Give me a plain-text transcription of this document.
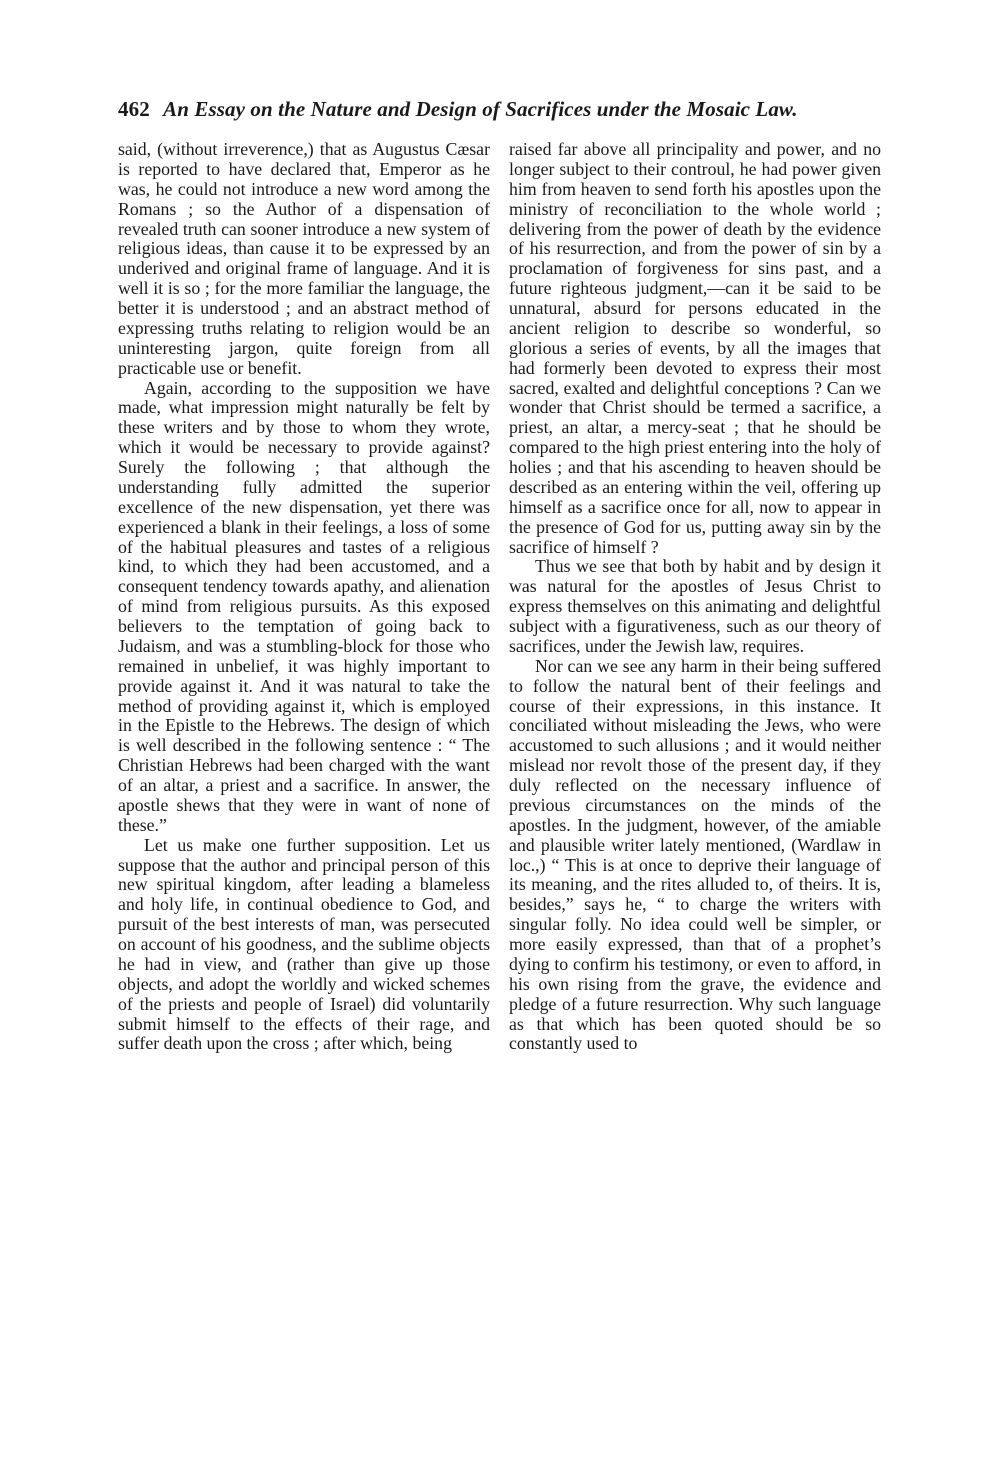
462 An Essay on the Nature and Design of Sacrifices under the Mosaic Law.

said, (without irreverence,) that as Augustus Cæsar is reported to have declared that, Emperor as he was, he could not introduce a new word among the Romans ; so the Author of a dispensation of revealed truth can sooner introduce a new system of religious ideas, than cause it to be expressed by an underived and original frame of language. And it is well it is so ; for the more familiar the language, the better it is understood ; and an abstract method of expressing truths relating to religion would be an uninteresting jargon, quite foreign from all practicable use or benefit.

Again, according to the supposition we have made, what impression might naturally be felt by these writers and by those to whom they wrote, which it would be necessary to provide against? Surely the following ; that although the understanding fully admitted the superior excellence of the new dispensation, yet there was experienced a blank in their feelings, a loss of some of the habitual pleasures and tastes of a religious kind, to which they had been accustomed, and a consequent tendency towards apathy, and alienation of mind from religious pursuits. As this exposed believers to the temptation of going back to Judaism, and was a stumbling-block for those who remained in unbelief, it was highly important to provide against it. And it was natural to take the method of providing against it, which is employed in the Epistle to the Hebrews. The design of which is well described in the following sentence : “ The Christian Hebrews had been charged with the want of an altar, a priest and a sacrifice. In answer, the apostle shews that they were in want of none of these.”

Let us make one further supposition. Let us suppose that the author and principal person of this new spiritual kingdom, after leading a blameless and holy life, in continual obedience to God, and pursuit of the best interests of man, was persecuted on account of his goodness, and the sublime objects he had in view, and (rather than give up those objects, and adopt the worldly and wicked schemes of the priests and people of Israel) did voluntarily submit himself to the effects of their rage, and suffer death upon the cross ; after which, being

raised far above all principality and power, and no longer subject to their controul, he had power given him from heaven to send forth his apostles upon the ministry of reconciliation to the whole world ; delivering from the power of death by the evidence of his resurrection, and from the power of sin by a proclamation of forgiveness for sins past, and a future righteous judgment,—can it be said to be unnatural, absurd for persons educated in the ancient religion to describe so wonderful, so glorious a series of events, by all the images that had formerly been devoted to express their most sacred, exalted and delightful conceptions ? Can we wonder that Christ should be termed a sacrifice, a priest, an altar, a mercy-seat ; that he should be compared to the high priest entering into the holy of holies ; and that his ascending to heaven should be described as an entering within the veil, offering up himself as a sacrifice once for all, now to appear in the presence of God for us, putting away sin by the sacrifice of himself ?

Thus we see that both by habit and by design it was natural for the apostles of Jesus Christ to express themselves on this animating and delightful subject with a figurativeness, such as our theory of sacrifices, under the Jewish law, requires.

Nor can we see any harm in their being suffered to follow the natural bent of their feelings and course of their expressions, in this instance. It conciliated without misleading the Jews, who were accustomed to such allusions ; and it would neither mislead nor revolt those of the present day, if they duly reflected on the necessary influence of previous circumstances on the minds of the apostles. In the judgment, however, of the amiable and plausible writer lately mentioned, (Wardlaw in loc.,) “ This is at once to deprive their language of its meaning, and the rites alluded to, of theirs. It is, besides,” says he, “ to charge the writers with singular folly. No idea could well be simpler, or more easily expressed, than that of a prophet’s dying to confirm his testimony, or even to afford, in his own rising from the grave, the evidence and pledge of a future resurrection. Why such language as that which has been quoted should be so constantly used to
